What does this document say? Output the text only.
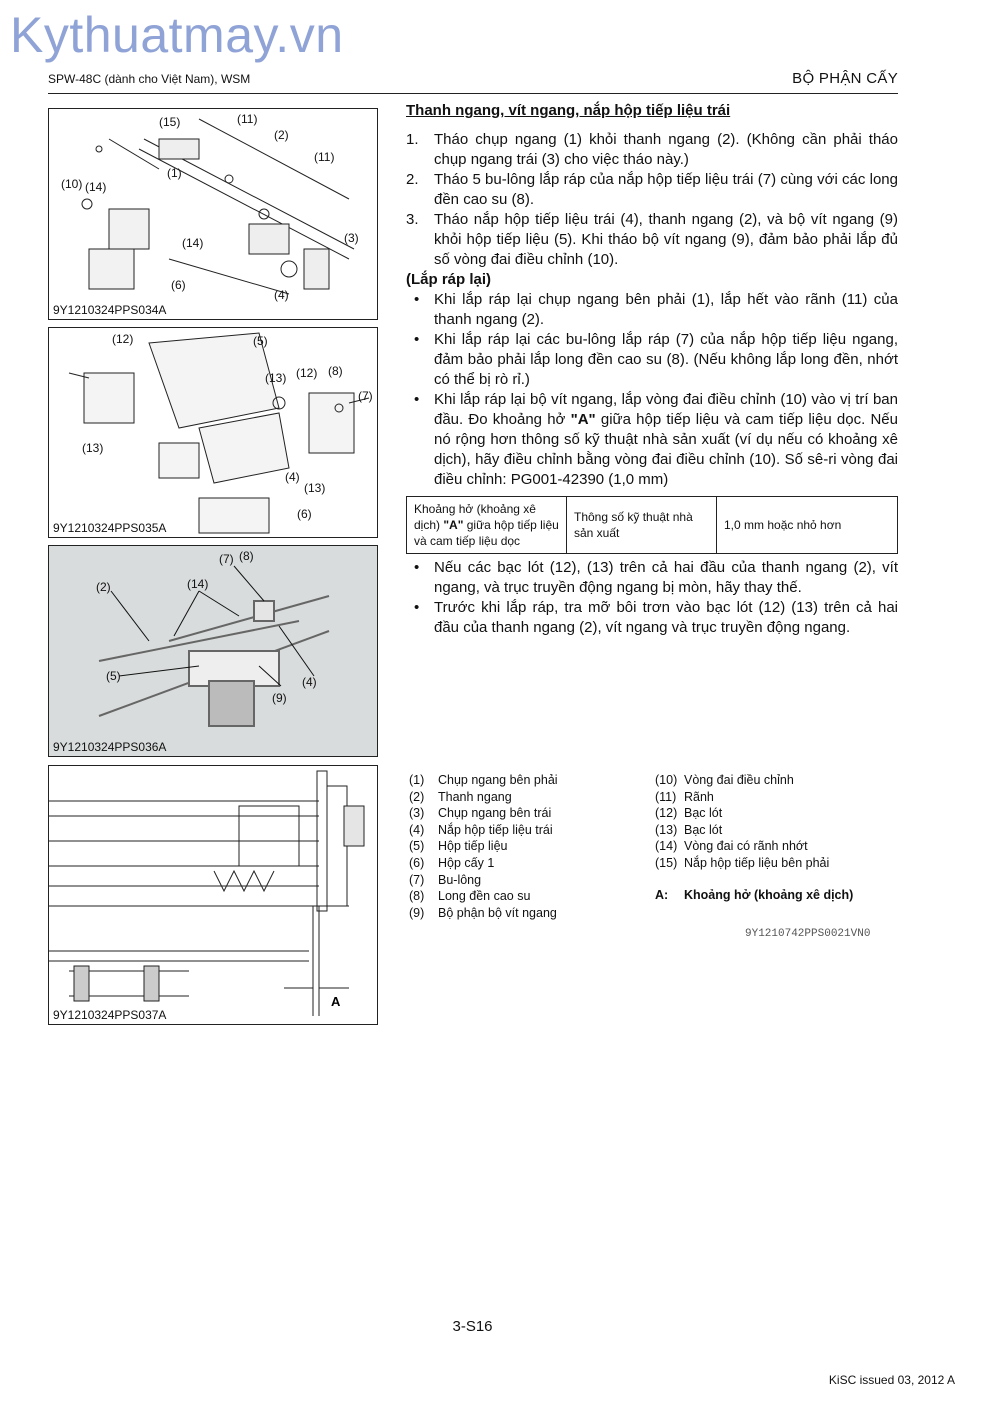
Kythuatmay.vn
SPW-48C (dành cho Việt Nam), WSM	BỘ PHẬN CẤY
(15)	(11)
(2)
(11)
(10) (14)
(1)
(14)	(3)
(6)
(4)
9Y1210324PPS034A
(12)	(5)
(13) (12) (8)
(7)
(13)
(4)
(13)
(6)
9Y1210324PPS035A
(7) (8)
(2)	(14)
(5)
(9)
(4)
9Y1210324PPS036A
A
9Y1210324PPS037A
Thanh ngang, vít ngang, nắp hộp tiếp liệu trái
1.	Tháo chụp ngang (1) khỏi thanh ngang (2). (Không cần phải tháo chụp ngang trái (3) cho việc tháo này.)
2.	Tháo 5 bu-lông lắp ráp của nắp hộp tiếp liệu trái (7) cùng với các long đền cao su (8).
3.	Tháo nắp hộp tiếp liệu trái (4), thanh ngang (2), và bộ vít ngang (9) khỏi hộp tiếp liệu (5). Khi tháo bộ vít ngang (9), đảm bảo phải lắp đủ số vòng đai điều chỉnh (10).
(Lắp ráp lại)
• Khi lắp ráp lại chụp ngang bên phải (1), lắp hết vào rãnh (11) của thanh ngang (2).
• Khi lắp ráp lại các bu-lông lắp ráp (7) của nắp hộp tiếp liệu ngang, đảm bảo phải lắp long đền cao su (8). (Nếu không lắp long đền, nhớt có thể bị rò rỉ.)
• Khi lắp ráp lại bộ vít ngang, lắp vòng đai điều chỉnh (10) vào vị trí ban đầu. Đo khoảng hở "A" giữa hộp tiếp liệu và cam tiếp liệu dọc. Nếu nó rộng hơn thông số kỹ thuật nhà sản xuất (ví dụ nếu có khoảng xê dịch), hãy điều chỉnh bằng vòng đai điều chỉnh (10). Số sê-ri vòng đai điều chỉnh: PG001-42390 (1,0 mm)
Khoảng hở (khoảng xê dịch) "A" giữa hộp tiếp liệu và cam tiếp liệu dọc	Thông số kỹ thuật nhà sản xuất	1,0 mm hoặc nhỏ hơn
• Nếu các bạc lót (12), (13) trên cả hai đầu của thanh ngang (2), vít ngang, và trục truyền động ngang bị mòn, hãy thay thế.
• Trước khi lắp ráp, tra mỡ bôi trơn vào bạc lót (12) (13) trên cả hai đầu của thanh ngang (2), vít ngang và trục truyền động ngang.
(1)	Chụp ngang bên phải
(2)	Thanh ngang
(3)	Chụp ngang bên trái
(4)	Nắp hộp tiếp liệu trái
(5)	Hộp tiếp liệu
(6)	Hộp cấy 1
(7)	Bu-lông
(8)	Long đền cao su
(9)	Bộ phận bộ vít ngang
(10) Vòng đai điều chỉnh
(11) Rãnh
(12) Bạc lót
(13) Bạc lót
(14) Vòng đai có rãnh nhớt
(15) Nắp hộp tiếp liệu bên phải
A:	Khoảng hở (khoảng xê dịch)
9Y1210742PPS0021VN0
3-S16
KiSC issued 03, 2012 A
